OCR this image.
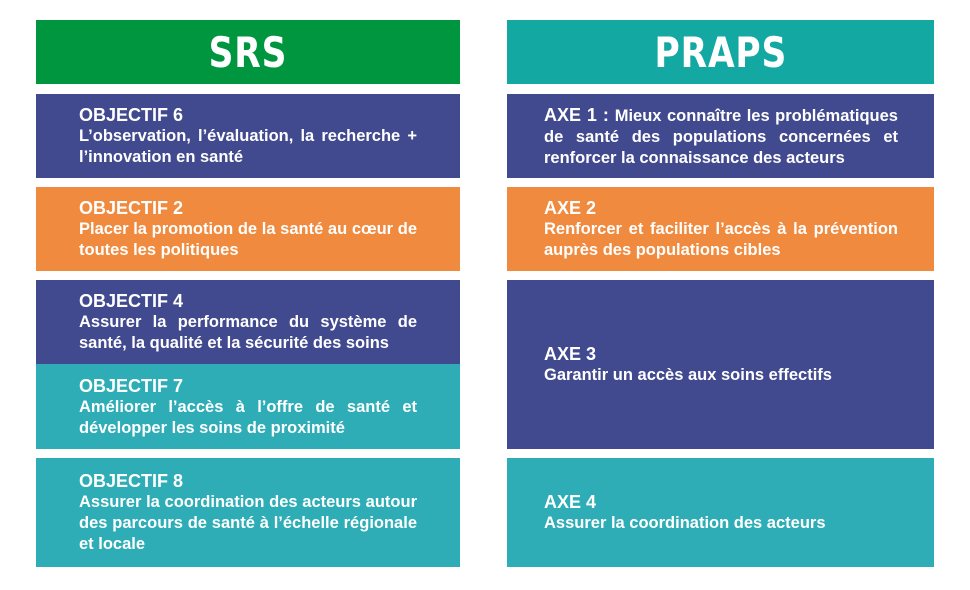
SRS	PRAPS
OBJECTIF 6
L’observation, l’évaluation, la recherche + l’innovation en santé
OBJECTIF 2
Placer la promotion de la santé au cœur de toutes les politiques
OBJECTIF 4
Assurer la performance du système de santé, la qualité et la sécurité des soins
OBJECTIF 7
Améliorer l’accès à l’offre de santé et développer les soins de proximité
OBJECTIF 8
Assurer la coordination des acteurs autour des parcours de santé à l’échelle régionale et locale
AXE 1 : Mieux connaître les problématiques de santé des populations concernées et renforcer la connaissance des acteurs
AXE 2
Renforcer et faciliter l’accès à la prévention auprès des populations cibles
AXE 3
Garantir un accès aux soins effectifs
AXE 4
Assurer la coordination des acteurs
